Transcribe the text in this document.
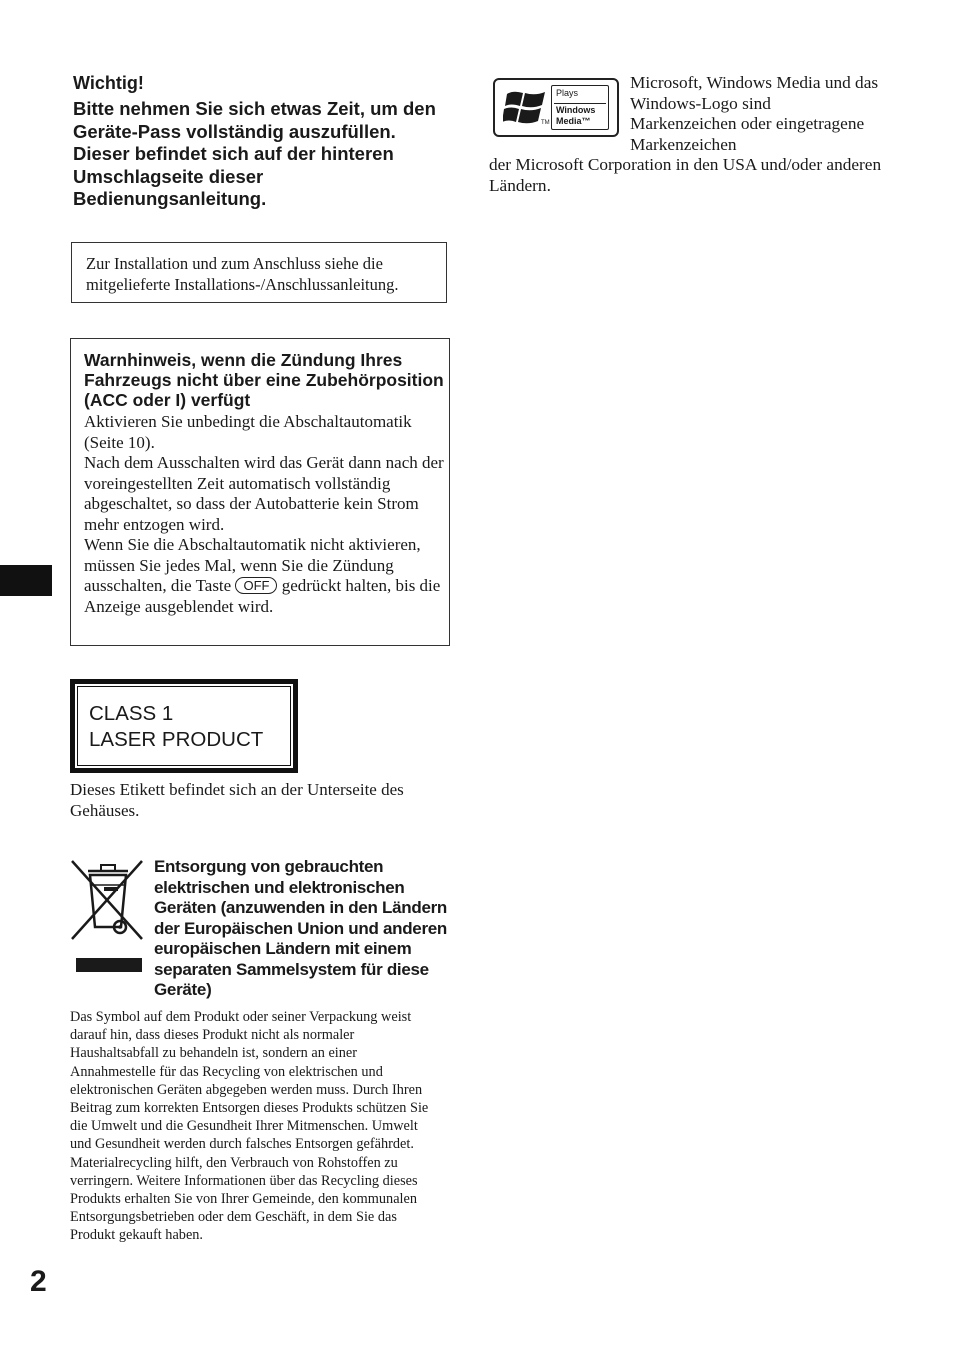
Wichtig!
Bitte nehmen Sie sich etwas Zeit, um den Geräte-Pass vollständig auszufüllen. Dieser befindet sich auf der hinteren Umschlagseite dieser Bedienungsanleitung.
Zur Installation und zum Anschluss siehe die mitgelieferte Installations-/Anschlussanleitung.
Warnhinweis, wenn die Zündung Ihres Fahrzeugs nicht über eine Zubehörposition (ACC oder I) verfügt
Aktivieren Sie unbedingt die Abschaltautomatik (Seite 10).
Nach dem Ausschalten wird das Gerät dann nach der voreingestellten Zeit automatisch vollständig abgeschaltet, so dass der Autobatterie kein Strom mehr entzogen wird.
Wenn Sie die Abschaltautomatik nicht aktivieren, müssen Sie jedes Mal, wenn Sie die Zündung ausschalten, die Taste OFF gedrückt halten, bis die Anzeige ausgeblendet wird.
CLASS 1
LASER PRODUCT
Dieses Etikett befindet sich an der Unterseite des Gehäuses.
Entsorgung von gebrauchten elektrischen und elektronischen Geräten (anzuwenden in den Ländern der Europäischen Union und anderen europäischen Ländern mit einem separaten Sammelsystem für diese Geräte)
Das Symbol auf dem Produkt oder seiner Verpackung weist darauf hin, dass dieses Produkt nicht als normaler Haushaltsabfall zu behandeln ist, sondern an einer Annahmestelle für das Recycling von elektrischen und elektronischen Geräten abgegeben werden muss. Durch Ihren Beitrag zum korrekten Entsorgen dieses Produkts schützen Sie die Umwelt und die Gesundheit Ihrer Mitmenschen. Umwelt und Gesundheit werden durch falsches Entsorgen gefährdet. Materialrecycling hilft, den Verbrauch von Rohstoffen zu verringern. Weitere Informationen über das Recycling dieses Produkts erhalten Sie von Ihrer Gemeinde, den kommunalen Entsorgungsbetrieben oder dem Geschäft, in dem Sie das Produkt gekauft haben.
2
Plays
Windows
Media™
TM
Microsoft, Windows Media und das Windows-Logo sind Markenzeichen oder eingetragene Markenzeichen
der Microsoft Corporation in den USA und/oder anderen Ländern.
